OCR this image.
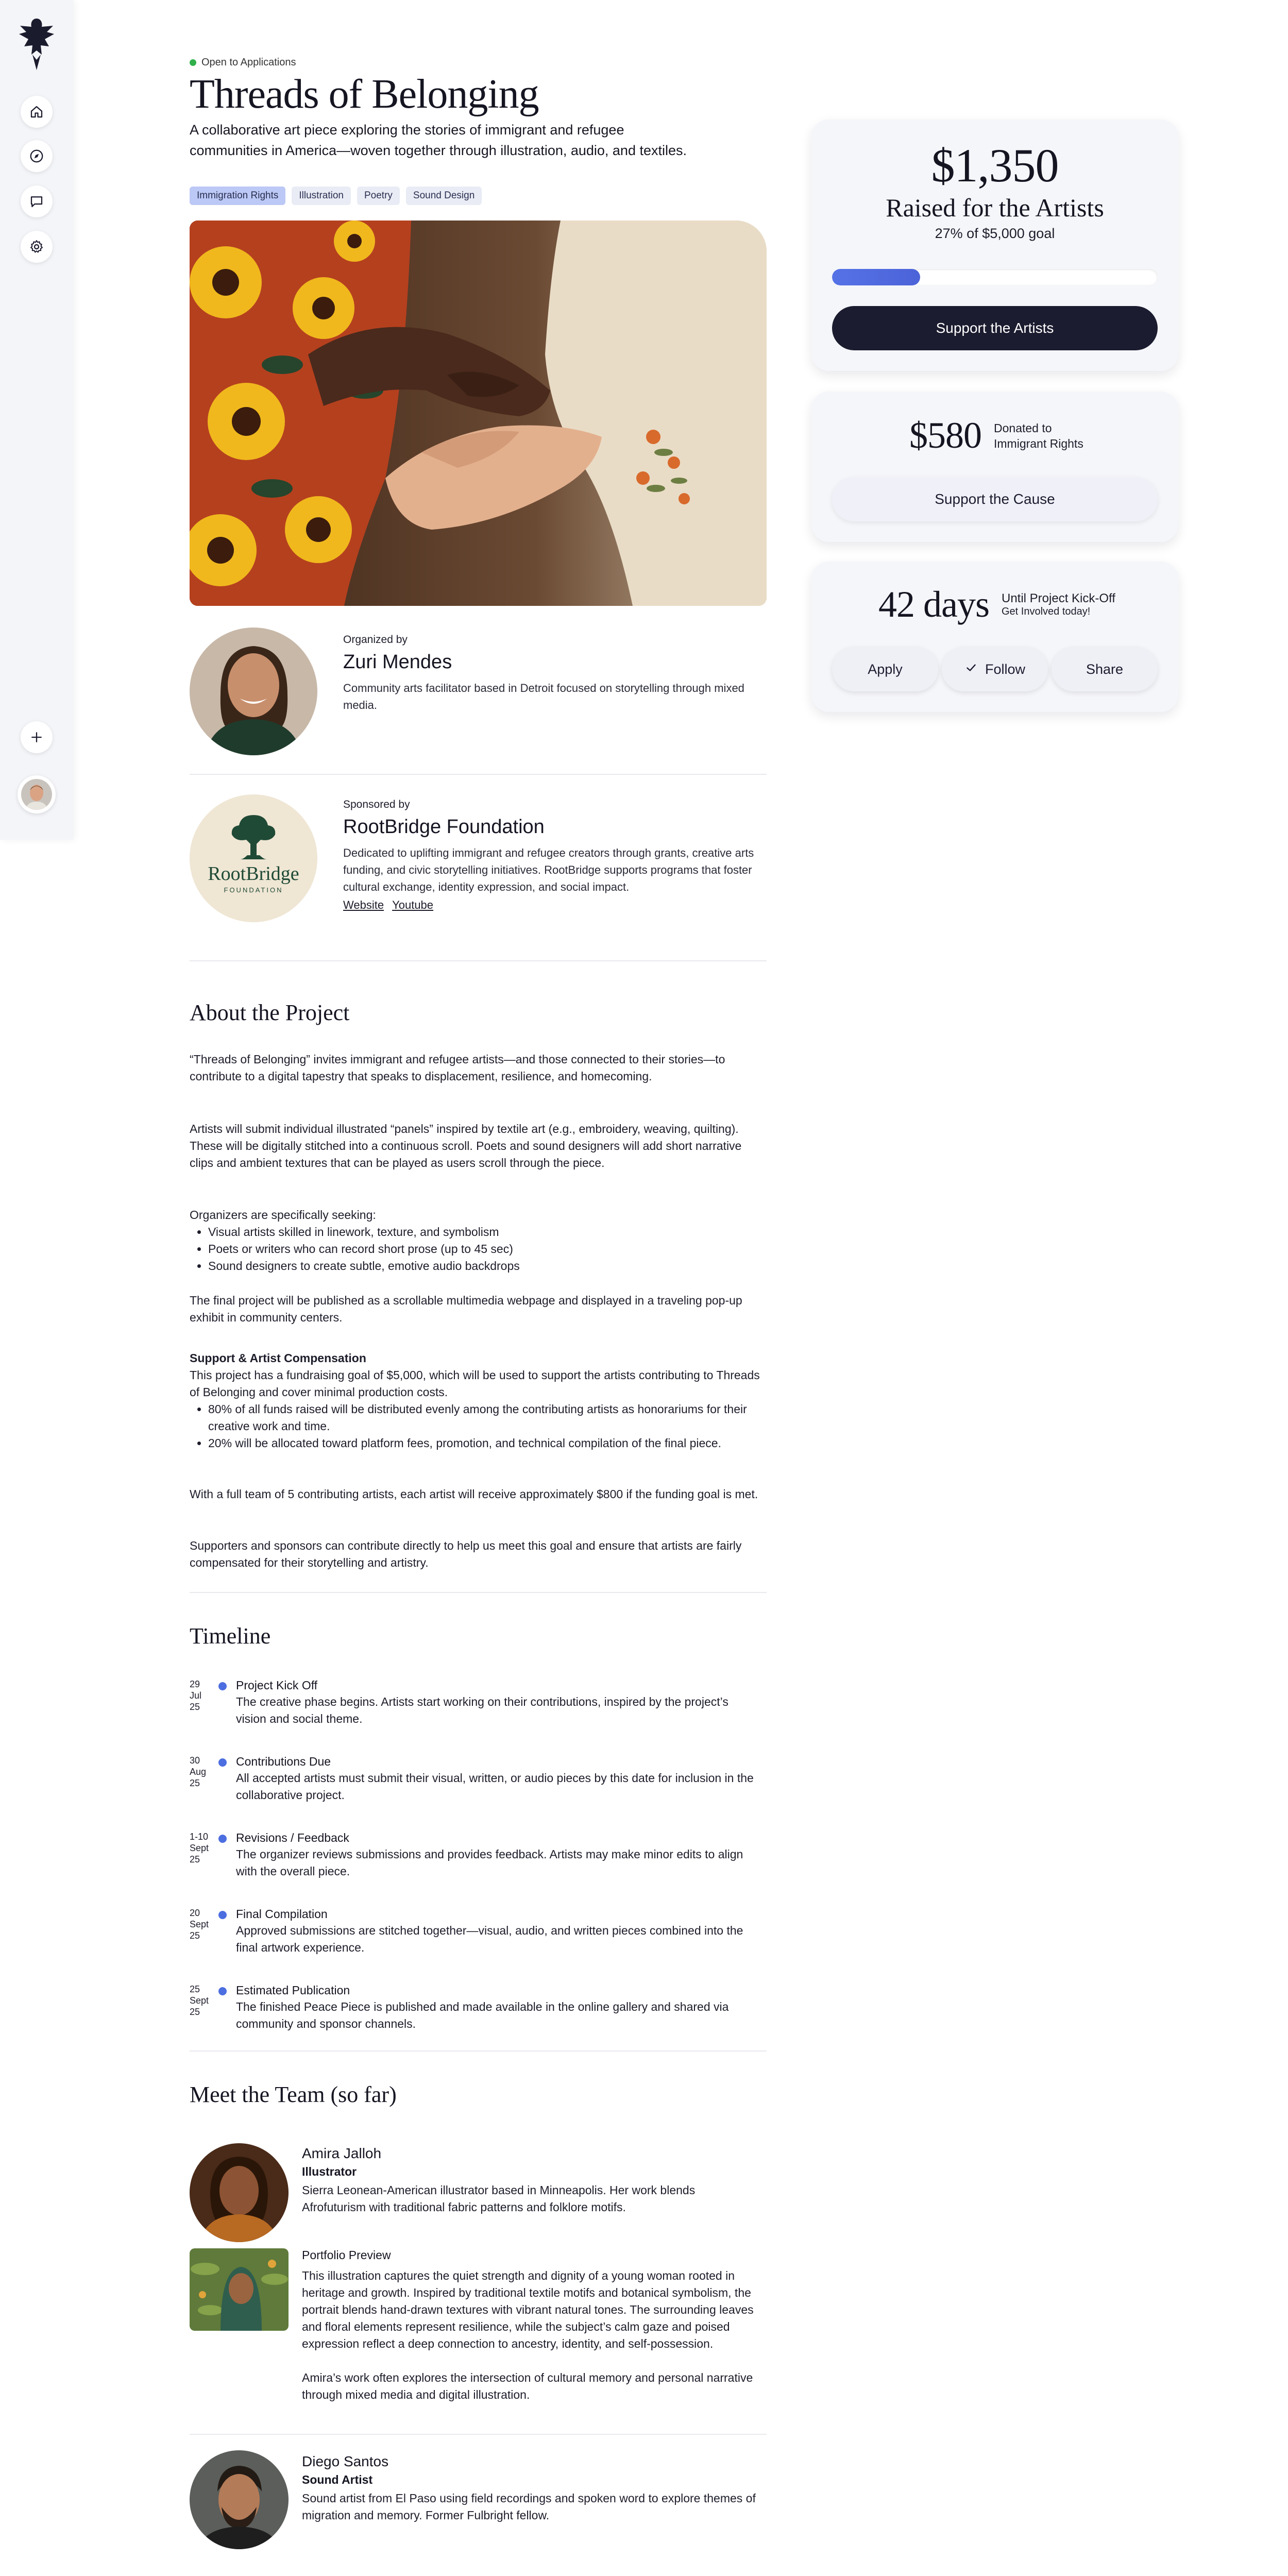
Open to Applications
Threads of Belonging

A collaborative art piece exploring the stories of immigrant and refugee communities in America—woven together through illustration, audio, and textiles.

Immigration Rights	Illustration	Poetry	Sound Design
Organized by
Zuri Mendes
Community arts facilitator based in Detroit focused on storytelling through mixed media.
RootBridge
FOUNDATION
Sponsored by
RootBridge Foundation
Dedicated to uplifting immigrant and refugee creators through grants, creative arts funding, and civic storytelling initiatives. RootBridge supports programs that foster cultural exchange, identity expression, and social impact.
Website Youtube
About the Project
“Threads of Belonging” invites immigrant and refugee artists—and those connected to their stories—to contribute to a digital tapestry that speaks to displacement, resilience, and homecoming.
Artists will submit individual illustrated “panels” inspired by textile art (e.g., embroidery, weaving, quilting). These will be digitally stitched into a continuous scroll. Poets and sound designers will add short narrative clips and ambient textures that can be played as users scroll through the piece.
Organizers are specifically seeking:
• Visual artists skilled in linework, texture, and symbolism
• Poets or writers who can record short prose (up to 45 sec)
• Sound designers to create subtle, emotive audio backdrops
The final project will be published as a scrollable multimedia webpage and displayed in a traveling pop-up exhibit in community centers.
Support & Artist Compensation
This project has a fundraising goal of $5,000, which will be used to support the artists contributing to Threads of Belonging and cover minimal production costs.
• 80% of all funds raised will be distributed evenly among the contributing artists as honorariums for their creative work and time.
• 20% will be allocated toward platform fees, promotion, and technical compilation of the final piece.
With a full team of 5 contributing artists, each artist will receive approximately $800 if the funding goal is met.
Supporters and sponsors can contribute directly to help us meet this goal and ensure that artists are fairly compensated for their storytelling and artistry.
Timeline
29
Jul
25
Project Kick Off
The creative phase begins. Artists start working on their contributions, inspired by the project’s vision and social theme.
30
Aug
25
Contributions Due
All accepted artists must submit their visual, written, or audio pieces by this date for inclusion in the collaborative project.
1-10
Sept
25
Revisions / Feedback
The organizer reviews submissions and provides feedback. Artists may make minor edits to align with the overall piece.
20
Sept
25
Final Compilation
Approved submissions are stitched together—visual, audio, and written pieces combined into the final artwork experience.
25
Sept
25
Estimated Publication
The finished Peace Piece is published and made available in the online gallery and shared via community and sponsor channels.
Meet the Team (so far)
Amira Jalloh
Illustrator
Sierra Leonean-American illustrator based in Minneapolis. Her work blends Afrofuturism with traditional fabric patterns and folklore motifs.
Portfolio Preview
This illustration captures the quiet strength and dignity of a young woman rooted in heritage and growth. Inspired by traditional textile motifs and botanical symbolism, the portrait blends hand-drawn textures with vibrant natural tones. The surrounding leaves and floral elements represent resilience, while the subject’s calm gaze and poised expression reflect a deep connection to ancestry, identity, and self-possession.
Amira’s work often explores the intersection of cultural memory and personal narrative through mixed media and digital illustration.
Diego Santos
Sound Artist
Sound artist from El Paso using field recordings and spoken word to explore themes of migration and memory. Former Fulbright fellow.
$1,350
Raised for the Artists
27% of $5,000 goal
Support the Artists
$580 Donated to
Immigrant Rights
Support the Cause
42 days Until Project Kick-Off
Get Involved today!
Apply	Follow	Share
